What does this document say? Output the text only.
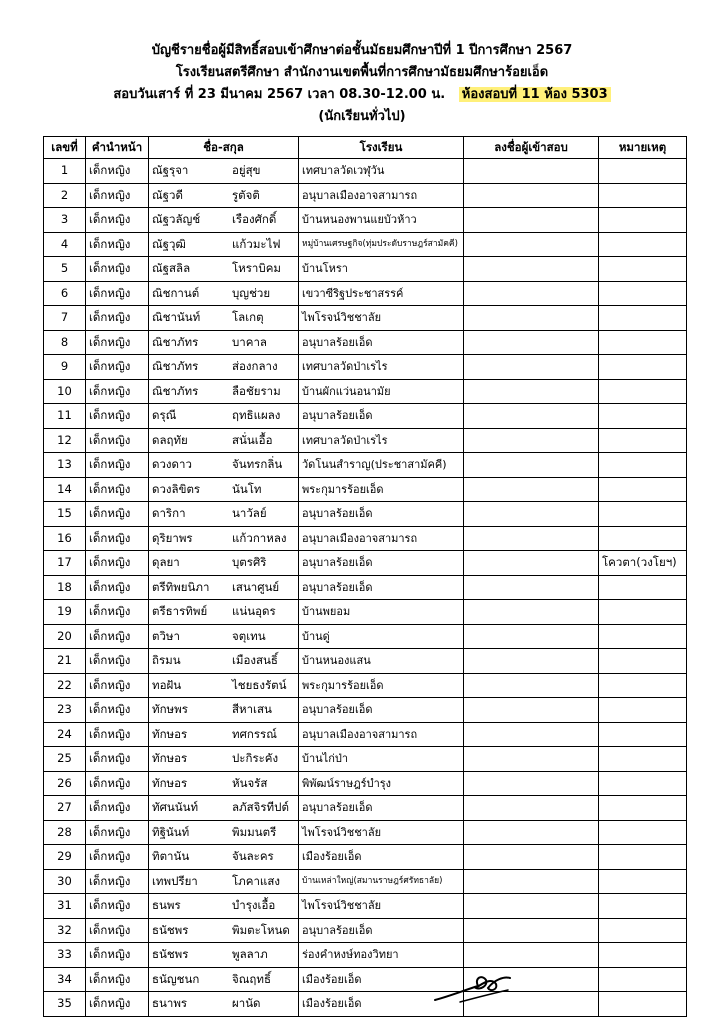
บัญชีรายชื่อผู้มีสิทธิ์สอบเข้าศึกษาต่อชั้นมัธยมศึกษาปีที่ 1 ปีการศึกษา 2567
โรงเรียนสตรีศึกษา สำนักงานเขตพื้นที่การศึกษามัธยมศึกษาร้อยเอ็ด
สอบวันเสาร์ ที่ 23 มีนาคม 2567 เวลา 08.30-12.00 น. ห้องสอบที่ 11 ห้อง 5303
(นักเรียนทั่วไป)
เลขที่	คำนำหน้า	ชื่อ-สกุล	โรงเรียน	ลงชื่อผู้เข้าสอบ	หมายเหตุ
1	เด็กหญิง	ณัฐรุจา อยู่สุข	เทศบาลวัดเวฬุวัน		
2	เด็กหญิง	ณัฐวดี รูตัจติ	อนุบาลเมืองอาจสามารถ		
3	เด็กหญิง	ณัฐวลัญช์ เรืองศักดิ์	บ้านหนองพานแยบัวห้าว		
4	เด็กหญิง	ณัฐวุฒิ แก้วมะไฟ	หมู่บ้านเศรษฐกิจ(ทุ่มประดับราษฎร์สามัคคี)		
5	เด็กหญิง	ณัฐสลิล โหราบิคม	บ้านโหรา		
6	เด็กหญิง	ณิชกานต์ บุญช่วย	เขวาซีริฐประชาสรรค์		
7	เด็กหญิง	ณิชานันท์ โลเกตุ	ไพโรจน์วิชชาลัย		
8	เด็กหญิง	ณิชาภัทร บาคาล	อนุบาลร้อยเอ็ด		
9	เด็กหญิง	ณิชาภัทร ส่องกลาง	เทศบาลวัดป่าเรไร		
10	เด็กหญิง	ณิชาภัทร ลือชัยราม	บ้านผักแว่นอนามัย		
11	เด็กหญิง	ดรุณี ฤทธิแผลง	อนุบาลร้อยเอ็ด		
12	เด็กหญิง	ดลฤทัย สนั่นเอื้อ	เทศบาลวัดป่าเรไร		
13	เด็กหญิง	ดวงดาว จันทรกลิ่น	วัดโนนสำราญ(ประชาสามัคคี)		
14	เด็กหญิง	ดวงลิขิตร นันโท	พระกุมารร้อยเอ็ด		
15	เด็กหญิง	ดาริกา นาวัลย์	อนุบาลร้อยเอ็ด		
16	เด็กหญิง	ดุริยาพร แก้วกาหลง	อนุบาลเมืองอาจสามารถ		
17	เด็กหญิง	ดุลยา บุตรศิริ	อนุบาลร้อยเอ็ด		โควตา(วงโยฯ)
18	เด็กหญิง	ตรีทิพยนิภา เสนาศูนย์	อนุบาลร้อยเอ็ด		
19	เด็กหญิง	ตรีธารทิพย์ แน่นอุดร	บ้านพยอม		
20	เด็กหญิง	ตวิษา จตุเทน	บ้านดู่		
21	เด็กหญิง	ถิรมน เมืองสนธิ์	บ้านหนองแสน		
22	เด็กหญิง	ทอฝัน ไชยธงรัตน์	พระกุมารร้อยเอ็ด		
23	เด็กหญิง	ทักษพร สีหาเสน	อนุบาลร้อยเอ็ด		
24	เด็กหญิง	ทักษอร ทศกรรณ์	อนุบาลเมืองอาจสามารถ		
25	เด็กหญิง	ทักษอร ปะกิระคัง	บ้านไก่ป่า		
26	เด็กหญิง	ทักษอร หันจรัส	พิพัฒน์ราษฎร์บำรุง		
27	เด็กหญิง	ทัศนนันท์ ลภัสจิรทีปต์	อนุบาลร้อยเอ็ด		
28	เด็กหญิง	ทิฐินันท์ พิมมนตรี	ไพโรจน์วิชชาลัย		
29	เด็กหญิง	ทิตานัน จันละคร	เมืองร้อยเอ็ด		
30	เด็กหญิง	เทพปรียา โภคาแสง	บ้านเหล่าใหญ่(สมานราษฎร์ศรัทธาลัย)		
31	เด็กหญิง	ธนพร บำรุงเอื้อ	ไพโรจน์วิชชาลัย		
32	เด็กหญิง	ธนัชพร พิมตะโหนด	อนุบาลร้อยเอ็ด		
33	เด็กหญิง	ธนัชพร พูลลาภ	ร่องคำหงษ์ทองวิทยา		
34	เด็กหญิง	ธนัญชนก จิณฤทธิ์	เมืองร้อยเอ็ด		
35	เด็กหญิง	ธนาพร ผานัด	เมืองร้อยเอ็ด		
